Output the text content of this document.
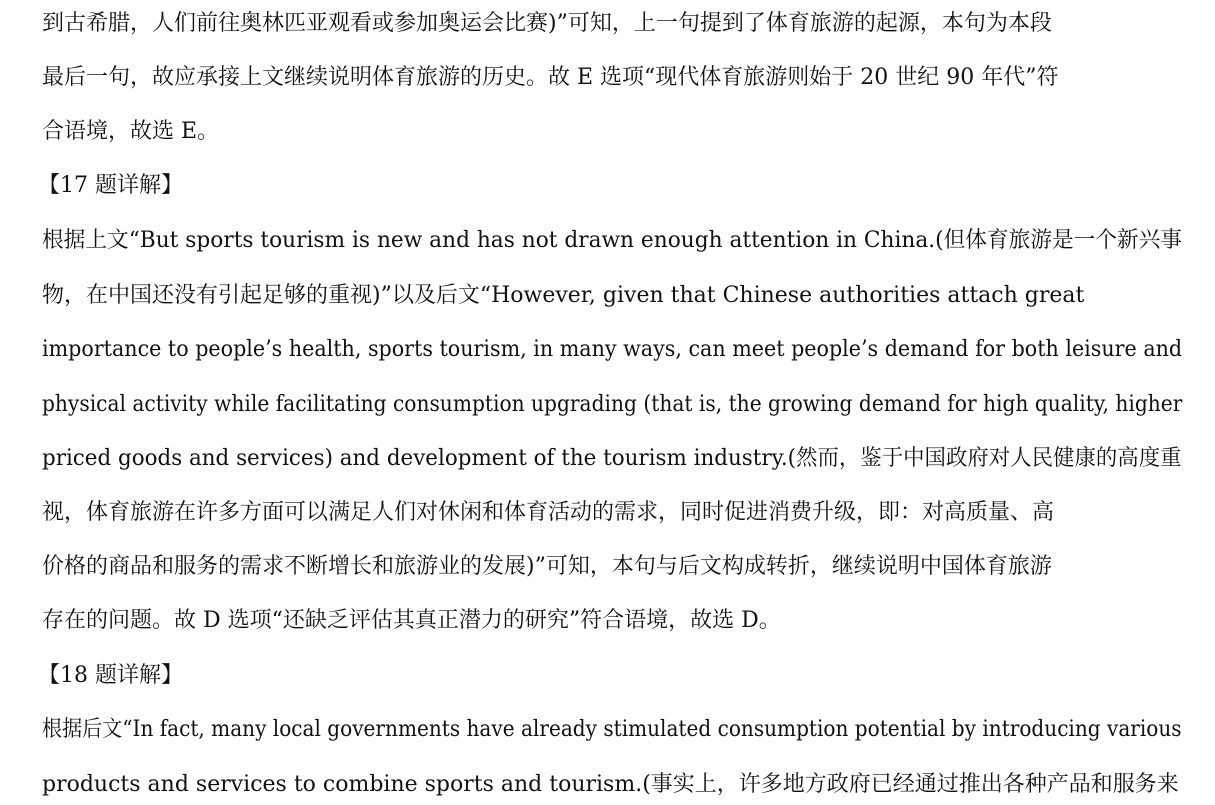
到古希腊，人们前往奥林匹亚观看或参加奥运会比赛)”可知，上一句提到了体育旅游的起源，本句为本段
最后一句，故应承接上文继续说明体育旅游的历史。故 E 选项“现代体育旅游则始于 20 世纪 90 年代”符
合语境，故选 E。
【17 题详解】
根据上文“But sports tourism is new and has not drawn enough attention in China.(但体育旅游是一个新兴事
物，在中国还没有引起足够的重视)”以及后文“However, given that Chinese authorities attach great
importance to people’s health, sports tourism, in many ways, can meet people’s demand for both leisure and
physical activity while facilitating consumption upgrading (that is, the growing demand for high quality, higher
priced goods and services) and development of the tourism industry.(然而，鉴于中国政府对人民健康的高度重
视，体育旅游在许多方面可以满足人们对休闲和体育活动的需求，同时促进消费升级，即：对高质量、高
价格的商品和服务的需求不断增长和旅游业的发展)”可知，本句与后文构成转折，继续说明中国体育旅游
存在的问题。故 D 选项“还缺乏评估其真正潜力的研究”符合语境，故选 D。
【18 题详解】
根据后文“In fact, many local governments have already stimulated consumption potential by introducing various
products and services to combine sports and tourism.(事实上，许多地方政府已经通过推出各种产品和服务来
